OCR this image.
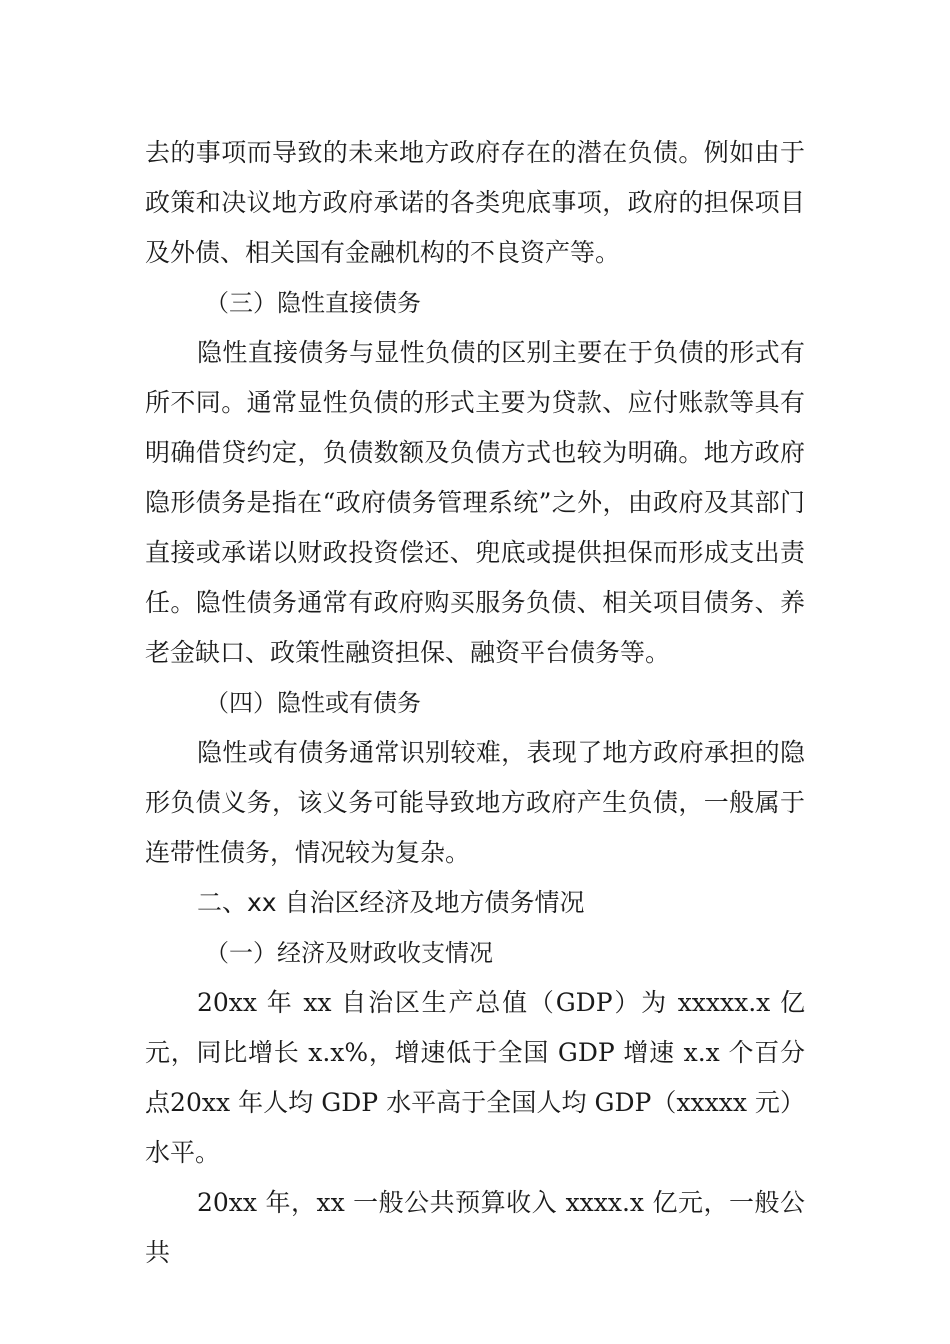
去的事项而导致的未来地方政府存在的潜在负债。例如由于政策和决议地方政府承诺的各类兜底事项，政府的担保项目及外债、相关国有金融机构的不良资产等。

（三）隐性直接债务

隐性直接债务与显性负债的区别主要在于负债的形式有所不同。通常显性负债的形式主要为贷款、应付账款等具有明确借贷约定，负债数额及负债方式也较为明确。地方政府隐形债务是指在“政府债务管理系统”之外，由政府及其部门直接或承诺以财政投资偿还、兜底或提供担保而形成支出责任。隐性债务通常有政府购买服务负债、相关项目债务、养老金缺口、政策性融资担保、融资平台债务等。

（四）隐性或有债务

隐性或有债务通常识别较难，表现了地方政府承担的隐形负债义务，该义务可能导致地方政府产生负债，一般属于连带性债务，情况较为复杂。

二、xx 自治区经济及地方债务情况

（一）经济及财政收支情况

20xx 年 xx 自治区生产总值（GDP）为 xxxxx.x 亿元，同比增长 x.x%，增速低于全国 GDP 增速 x.x 个百分点20xx 年人均 GDP 水平高于全国人均 GDP（xxxxx 元）水平。

20xx 年，xx 一般公共预算收入 xxxx.x 亿元，一般公共
